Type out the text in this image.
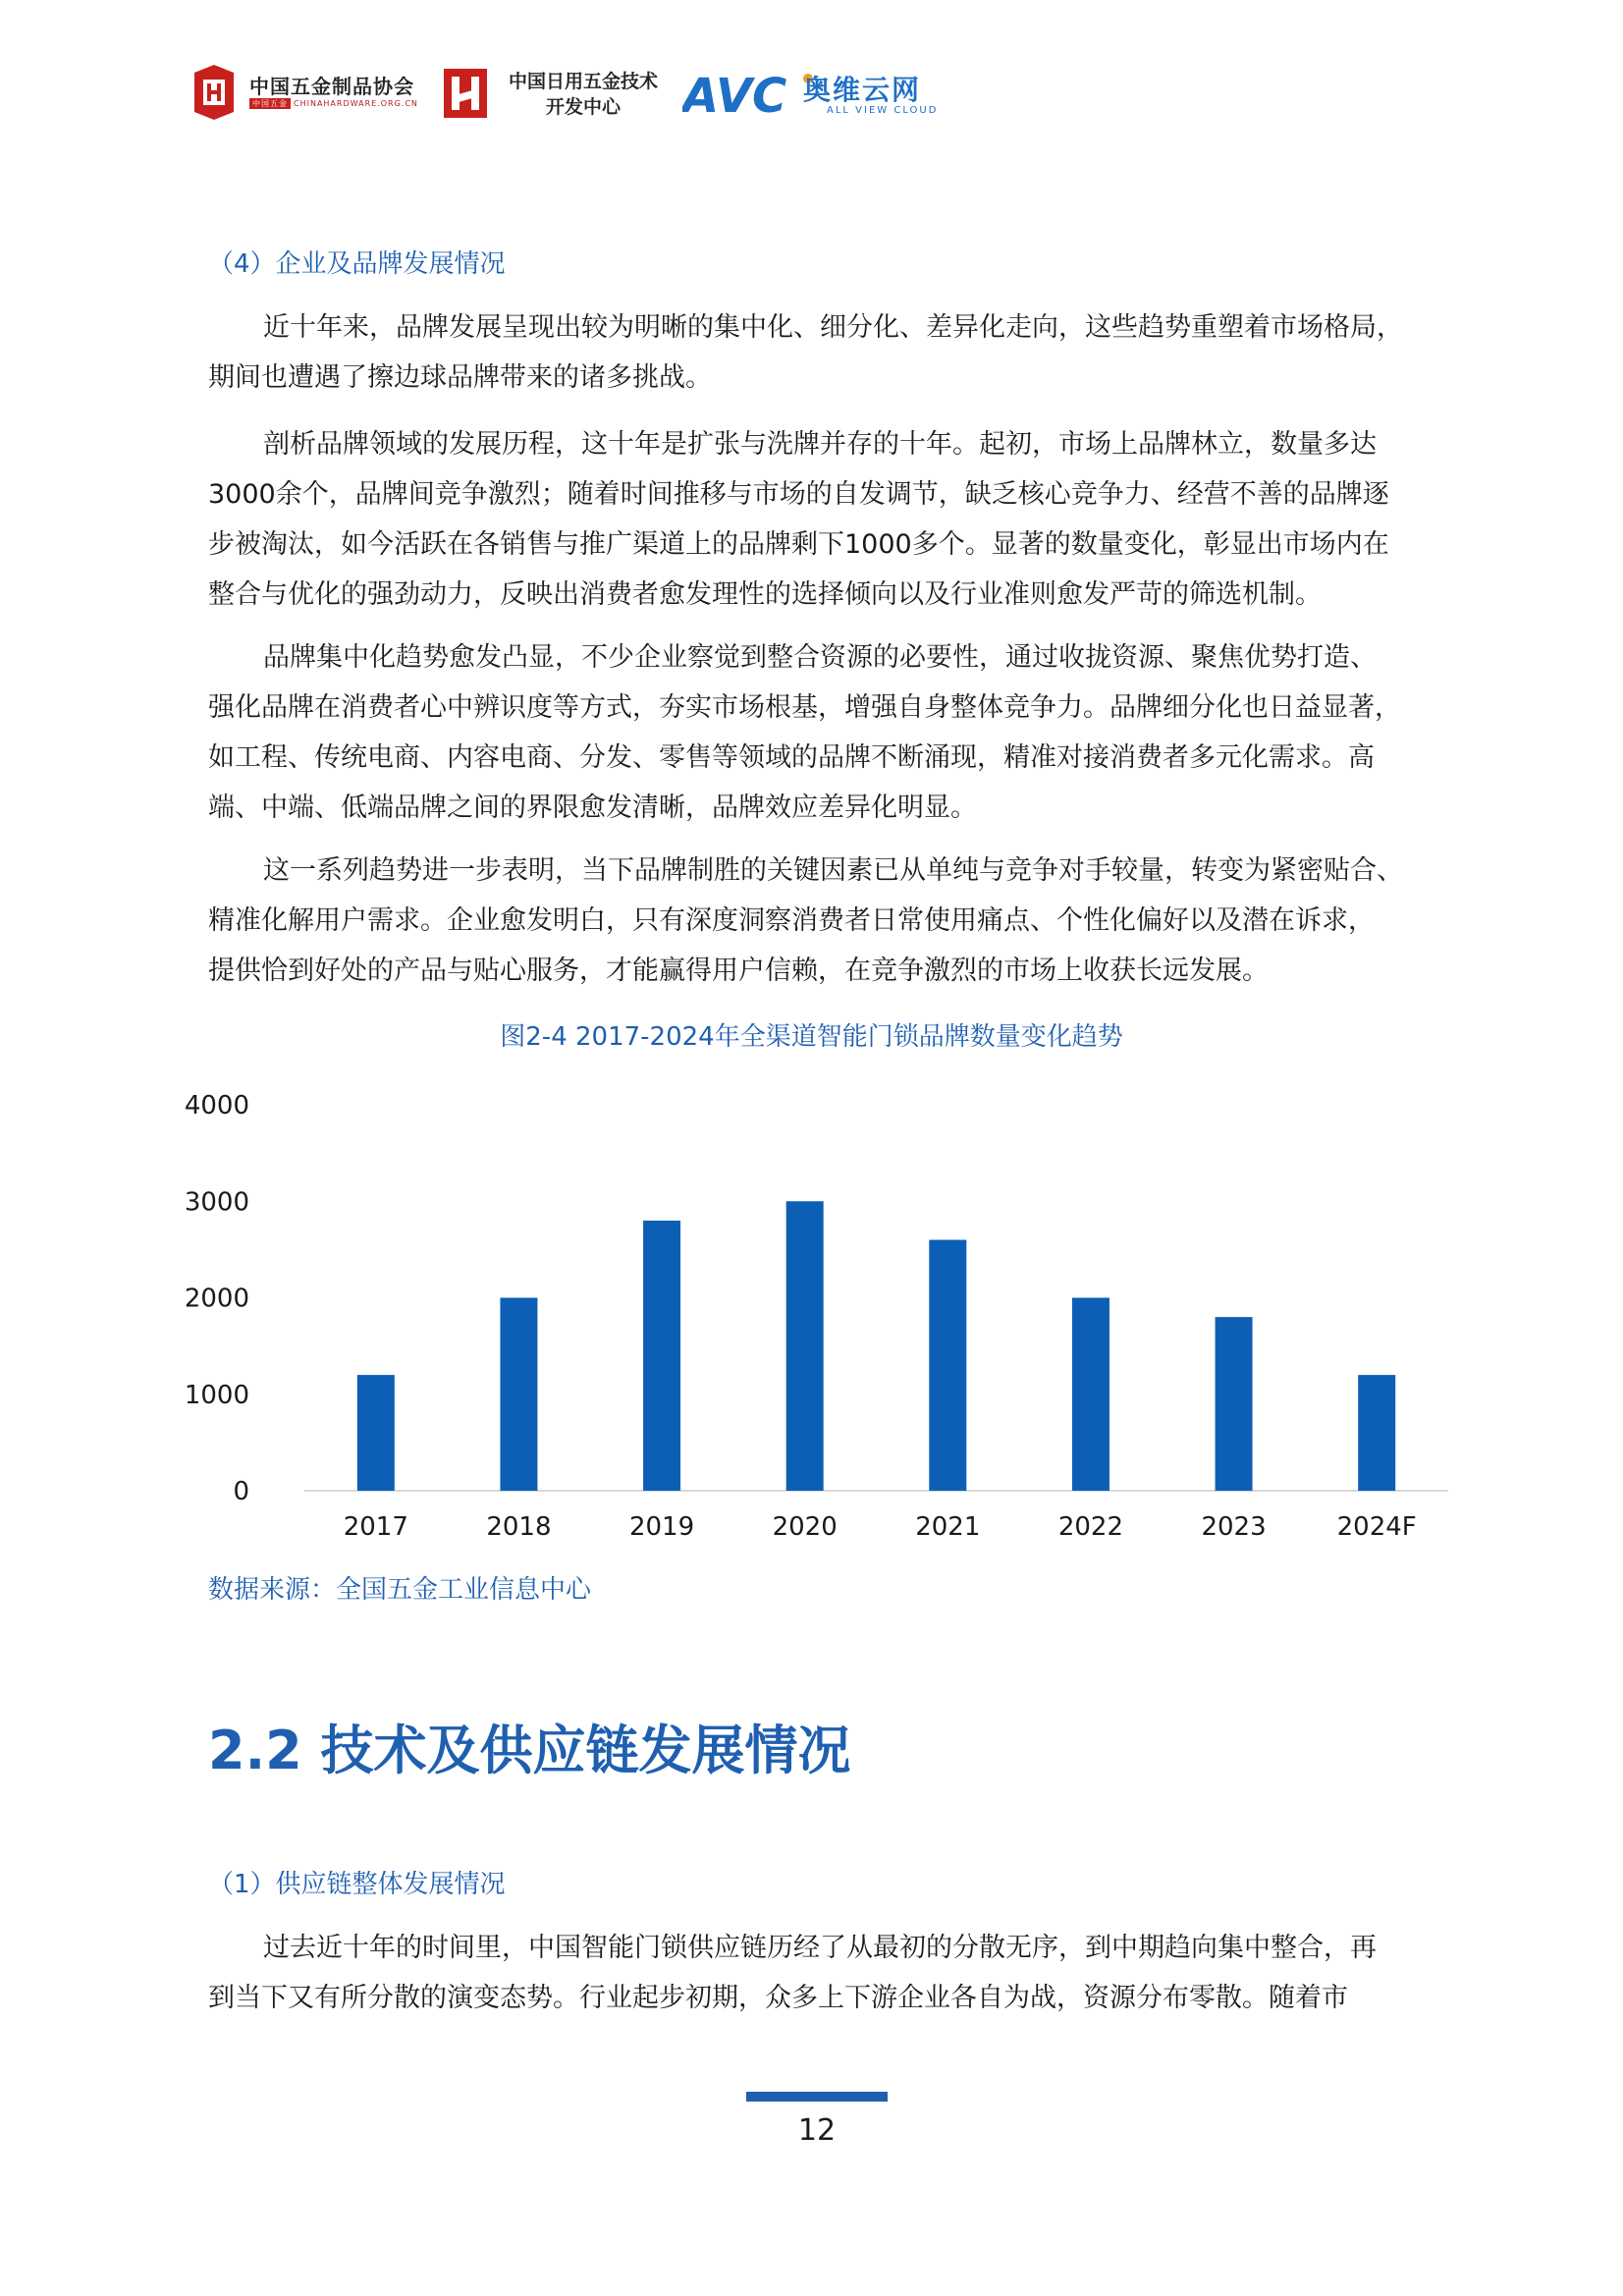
中国五金制品协会
中国五金 CHINAHARDWARE.ORG.CN
中国日用五金技术
开发中心	AVC 奥维云网
ALL VIEW CLOUD
（4）企业及品牌发展情况
近十年来，品牌发展呈现出较为明晰的集中化、细分化、差异化走向，这些趋势重塑着市场格局，
期间也遭遇了擦边球品牌带来的诸多挑战。
剖析品牌领域的发展历程，这十年是扩张与洗牌并存的十年。起初，市场上品牌林立，数量多达
3000余个，品牌间竞争激烈；随着时间推移与市场的自发调节，缺乏核心竞争力、经营不善的品牌逐
步被淘汰，如今活跃在各销售与推广渠道上的品牌剩下1000多个。显著的数量变化，彰显出市场内在
整合与优化的强劲动力，反映出消费者愈发理性的选择倾向以及行业准则愈发严苛的筛选机制。
品牌集中化趋势愈发凸显，不少企业察觉到整合资源的必要性，通过收拢资源、聚焦优势打造、
强化品牌在消费者心中辨识度等方式，夯实市场根基，增强自身整体竞争力。品牌细分化也日益显著，
如工程、传统电商、内容电商、分发、零售等领域的品牌不断涌现，精准对接消费者多元化需求。高
端、中端、低端品牌之间的界限愈发清晰，品牌效应差异化明显。
这一系列趋势进一步表明，当下品牌制胜的关键因素已从单纯与竞争对手较量，转变为紧密贴合、
精准化解用户需求。企业愈发明白，只有深度洞察消费者日常使用痛点、个性化偏好以及潜在诉求，
提供恰到好处的产品与贴心服务，才能赢得用户信赖，在竞争激烈的市场上收获长远发展。
图2-4 2017-2024年全渠道智能门锁品牌数量变化趋势
0
1000
2000
3000
4000
2017	2018	2019	2020	2021	2022	2023	2024F
数据来源：全国五金工业信息中心
2.2 技术及供应链发展情况
（1）供应链整体发展情况
过去近十年的时间里，中国智能门锁供应链历经了从最初的分散无序，到中期趋向集中整合，再
到当下又有所分散的演变态势。行业起步初期，众多上下游企业各自为战，资源分布零散。随着市
12
